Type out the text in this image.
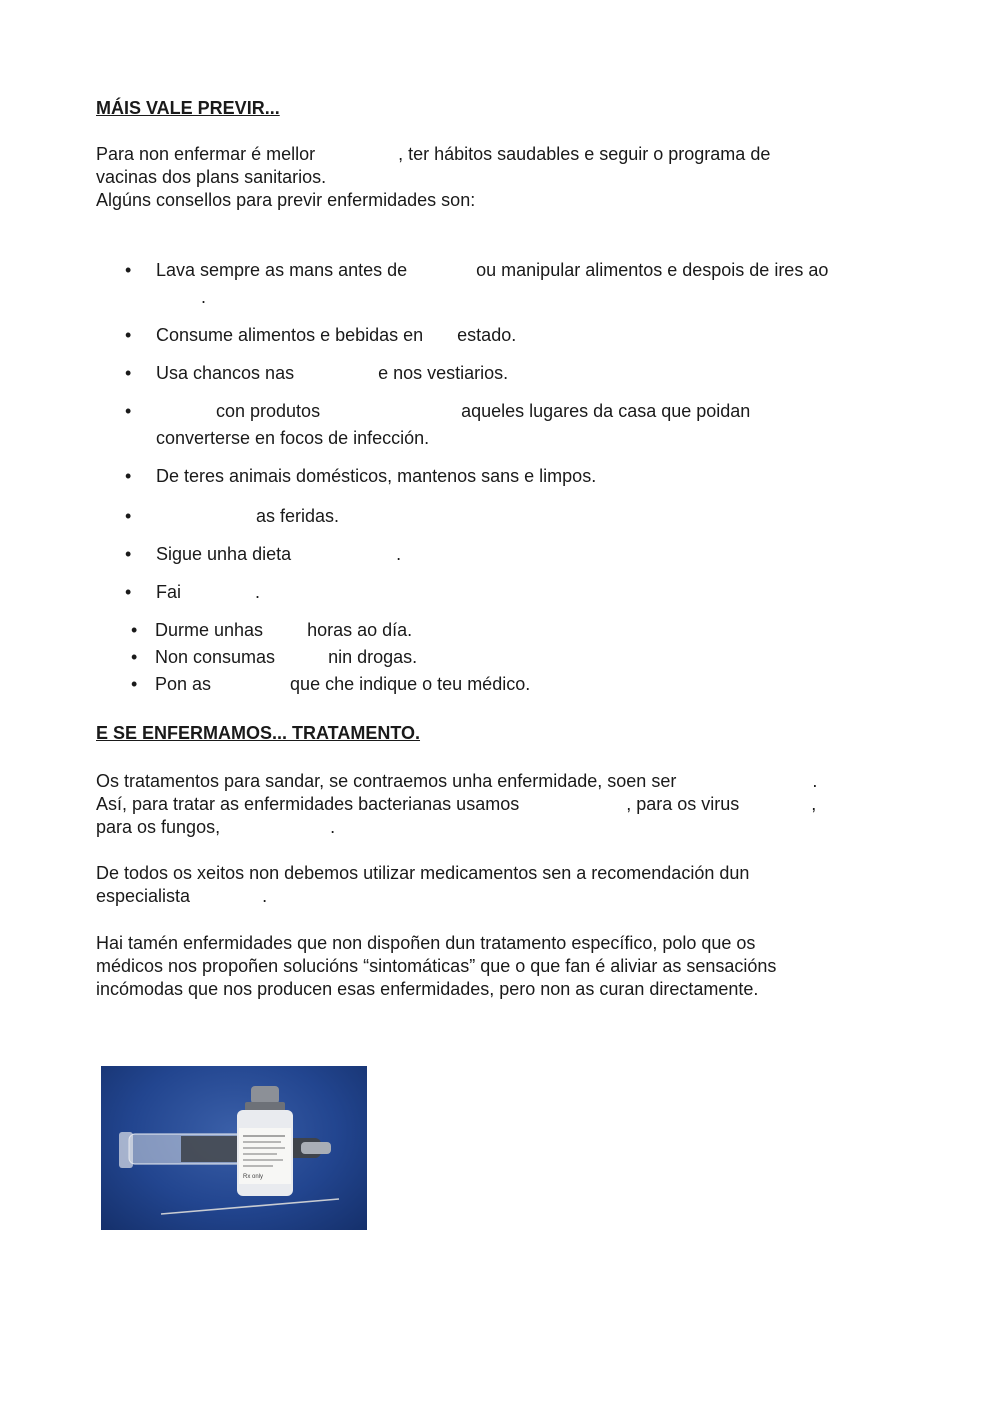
MÁIS VALE PREVIR...
Para non enfermar é mellor	, ter hábitos saudables e seguir o programa de
vacinas dos plans sanitarios.
Algúns consellos para previr enfermidades son:
• Lava sempre as mans antes de	ou manipular alimentos e despois de ires ao
.
• Consume alimentos e bebidas en estado.
• Usa chancos nas	e nos vestiarios.
•	con produtos	aqueles lugares da casa que poidan
converterse en focos de infección.
• De teres animais domésticos, mantenos sans e limpos.
•	as feridas.
• Sigue unha dieta	.
• Fai	.
• Durme unhas horas ao día.
• Non consumas	nin drogas.
• Pon as	que che indique o teu médico.
E SE ENFERMAMOS... TRATAMENTO.
Os tratamentos para sandar, se contraemos unha enfermidade, soen ser	.
Así, para tratar as enfermidades bacterianas usamos	, para os virus	,
para os fungos,	.
De todos os xeitos non debemos utilizar medicamentos sen a recomendación dun
especialista	.
Hai tamén enfermidades que non dispoñen dun tratamento específico, polo que os
médicos nos propoñen solucións “sintomáticas” que o que fan é aliviar as sensacións
incómodas que nos producen esas enfermidades, pero non as curan directamente.
Rx only
